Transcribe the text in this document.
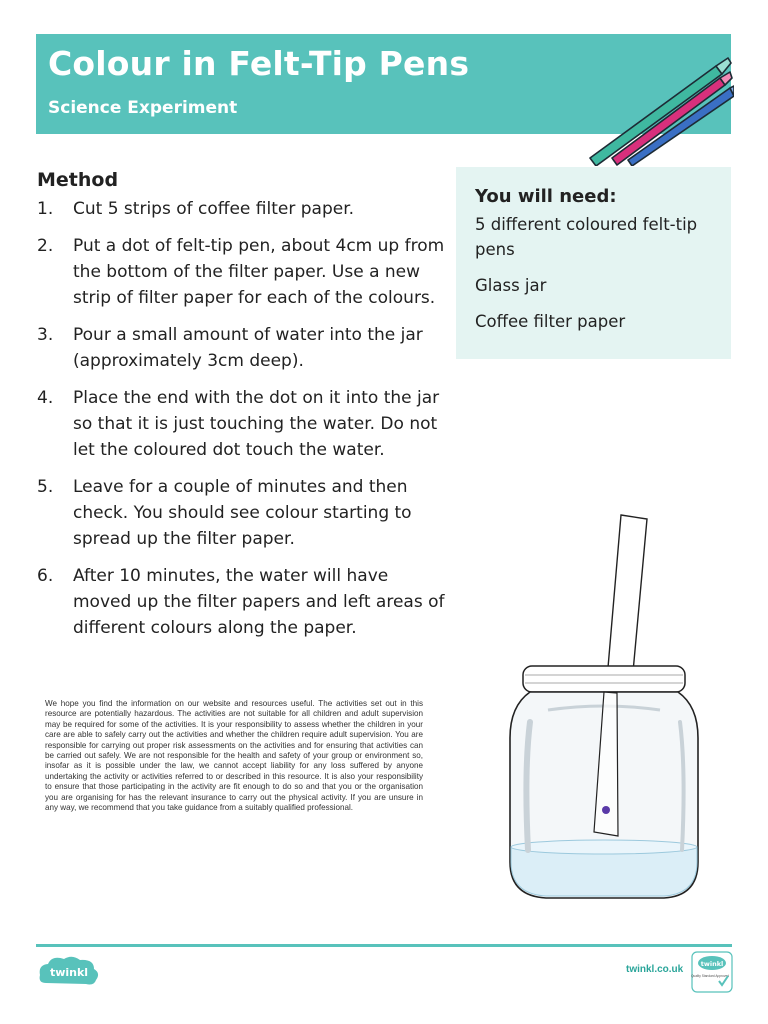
Colour in Felt-Tip Pens
Science Experiment
Method
1. Cut 5 strips of coffee filter paper.
2. Put a dot of felt-tip pen, about 4cm up from the bottom of the filter paper. Use a new strip of filter paper for each of the colours.
3. Pour a small amount of water into the jar (approximately 3cm deep).
4. Place the end with the dot on it into the jar so that it is just touching the water. Do not let the coloured dot touch the water.
5. Leave for a couple of minutes and then check. You should see colour starting to spread up the filter paper.
6. After 10 minutes, the water will have moved up the filter papers and left areas of different colours along the paper.
You will need:
5 different coloured felt-tip pens
Glass jar
Coffee filter paper

We hope you find the information on our website and resources useful. The activities set out in this resource are potentially hazardous. The activities are not suitable for all children and adult supervision may be required for some of the activities. It is your responsibility to assess whether the children in your care are able to safely carry out the activities and whether the children require adult supervision. You are responsible for carrying out proper risk assessments on the activities and for ensuring that activities can be carried out safely. We are not responsible for the health and safety of your group or environment so, insofar as it is possible under the law, we cannot accept liability for any loss suffered by anyone undertaking the activity or activities referred to or described in this resource. It is also your responsibility to ensure that those participating in the activity are fit enough to do so and that you or the organisation you are organising for has the relevant insurance to carry out the physical activity. If you are unsure in any way, we recommend that you take guidance from a suitably qualified professional.

twinkl	twinkl.co.uk	twinkl
Quality Standard Approved
